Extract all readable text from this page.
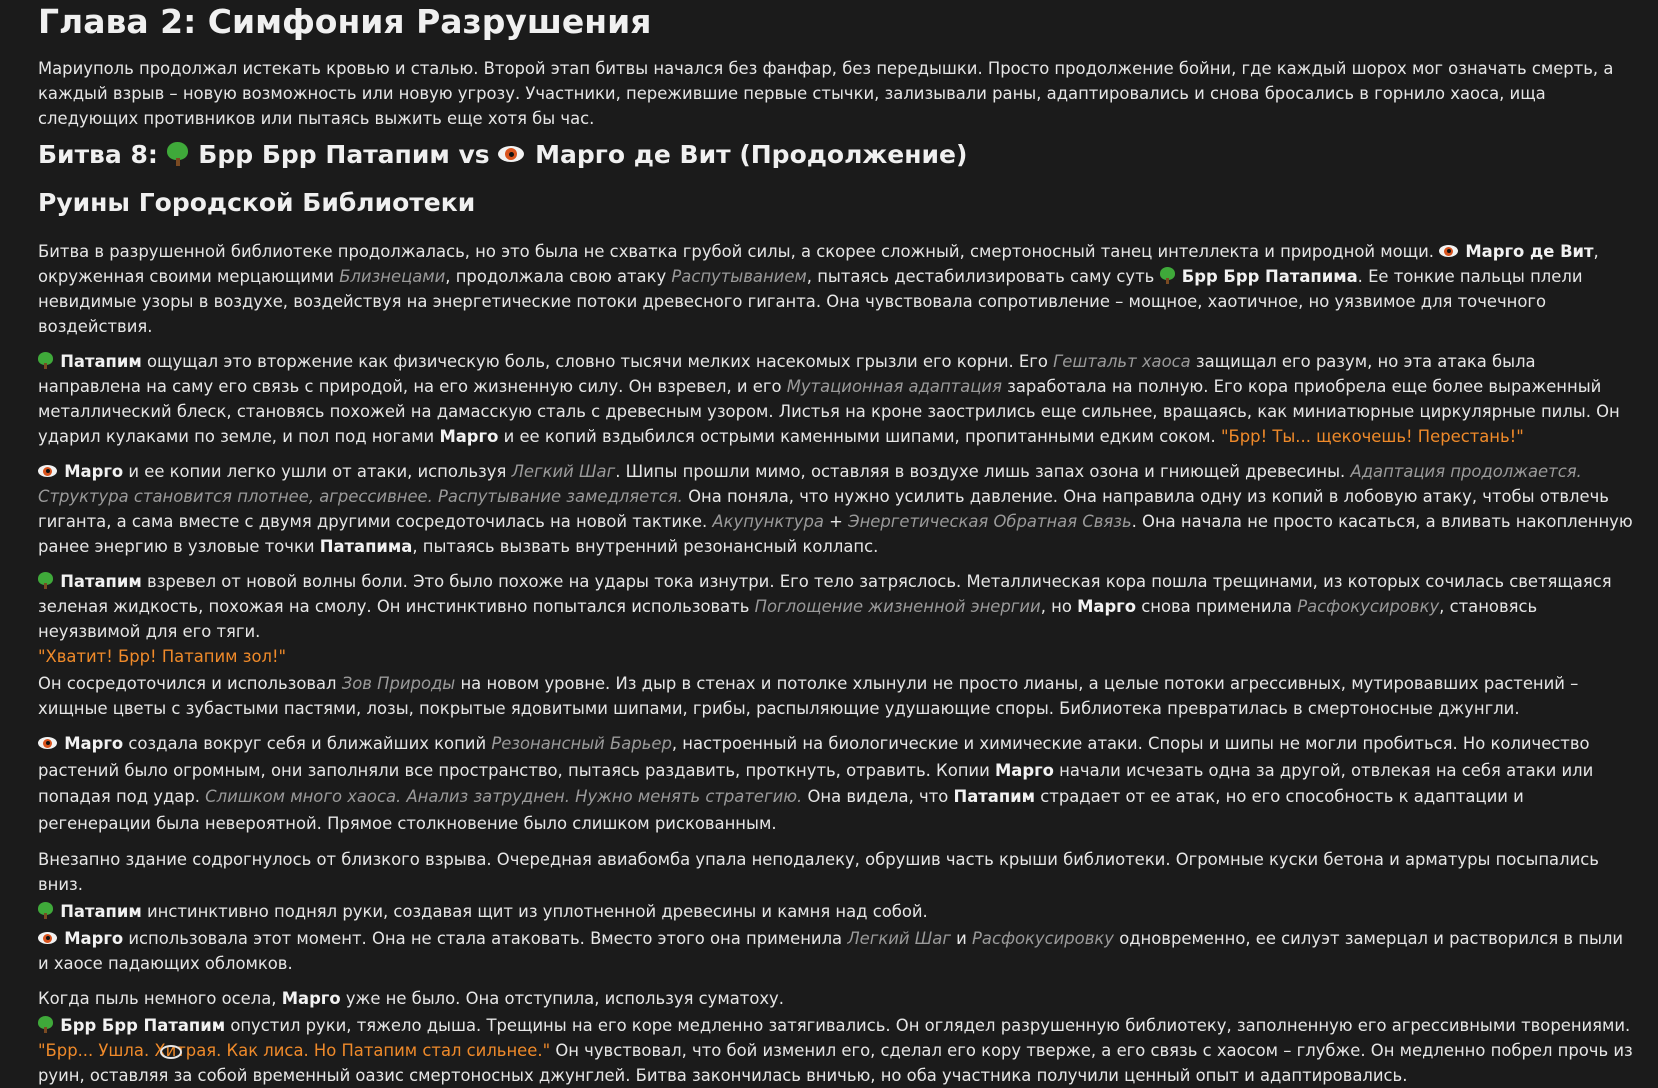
Глава 2: Симфония Разрушения

Мариуполь продолжал истекать кровью и сталью. Второй этап битвы начался без фанфар, без передышки. Просто продолжение бойни, где каждый шорох мог означать смерть, а каждый взрыв – новую возможность или новую угрозу. Участники, пережившие первые стычки, зализывали раны, адаптировались и снова бросались в горнило хаоса, ища следующих противников или пытаясь выжить еще хотя бы час.

Битва 8: Брр Брр Патапим vs Марго де Вит (Продолжение)
Руины Городской Библиотеки

Битва в разрушенной библиотеке продолжалась, но это была не схватка грубой силы, а скорее сложный, смертоносный танец интеллекта и природной мощи. Марго де Вит, окруженная своими мерцающими Близнецами, продолжала свою атаку Распутыванием, пытаясь дестабилизировать саму суть Брр Брр Патапима. Ее тонкие пальцы плели невидимые узоры в воздухе, воздействуя на энергетические потоки древесного гиганта. Она чувствовала сопротивление – мощное, хаотичное, но уязвимое для точечного воздействия.

Патапим ощущал это вторжение как физическую боль, словно тысячи мелких насекомых грызли его корни. Его Гештальт хаоса защищал его разум, но эта атака была направлена на саму его связь с природой, на его жизненную силу. Он взревел, и его Мутационная адаптация заработала на полную. Его кора приобрела еще более выраженный металлический блеск, становясь похожей на дамасскую сталь с древесным узором. Листья на кроне заострились еще сильнее, вращаясь, как миниатюрные циркулярные пилы. Он ударил кулаками по земле, и пол под ногами Марго и ее копий вздыбился острыми каменными шипами, пропитанными едким соком. "Брр! Ты... щекочешь! Перестань!"

Марго и ее копии легко ушли от атаки, используя Легкий Шаг. Шипы прошли мимо, оставляя в воздухе лишь запах озона и гниющей древесины. Адаптация продолжается. Структура становится плотнее, агрессивнее. Распутывание замедляется. Она поняла, что нужно усилить давление. Она направила одну из копий в лобовую атаку, чтобы отвлечь гиганта, а сама вместе с двумя другими сосредоточилась на новой тактике. Акупунктура + Энергетическая Обратная Связь. Она начала не просто касаться, а вливать накопленную ранее энергию в узловые точки Патапима, пытаясь вызвать внутренний резонансный коллапс.

Патапим взревел от новой волны боли. Это было похоже на удары тока изнутри. Его тело затряслось. Металлическая кора пошла трещинами, из которых сочилась светящаяся зеленая жидкость, похожая на смолу. Он инстинктивно попытался использовать Поглощение жизненной энергии, но Марго снова применила Расфокусировку, становясь неуязвимой для его тяги.
"Хватит! Брр! Патапим зол!"

Он сосредоточился и использовал Зов Природы на новом уровне. Из дыр в стенах и потолке хлынули не просто лианы, а целые потоки агрессивных, мутировавших растений – хищные цветы с зубастыми пастями, лозы, покрытые ядовитыми шипами, грибы, распыляющие удушающие споры. Библиотека превратилась в смертоносные джунгли.

Марго создала вокруг себя и ближайших копий Резонансный Барьер, настроенный на биологические и химические атаки. Споры и шипы не могли пробиться. Но количество растений было огромным, они заполняли все пространство, пытаясь раздавить, проткнуть, отравить. Копии Марго начали исчезать одна за другой, отвлекая на себя атаки или попадая под удар. Слишком много хаоса. Анализ затруднен. Нужно менять стратегию. Она видела, что Патапим страдает от ее атак, но его способность к адаптации и регенерации была невероятной. Прямое столкновение было слишком рискованным.

Внезапно здание содрогнулось от близкого взрыва. Очередная авиабомба упала неподалеку, обрушив часть крыши библиотеки. Огромные куски бетона и арматуры посыпались вниз.

Патапим инстинктивно поднял руки, создавая щит из уплотненной древесины и камня над собой.

Марго использовала этот момент. Она не стала атаковать. Вместо этого она применила Легкий Шаг и Расфокусировку одновременно, ее силуэт замерцал и растворился в пыли и хаосе падающих обломков.

Когда пыль немного осела, Марго уже не было. Она отступила, используя суматоху.

Брр Брр Патапим опустил руки, тяжело дыша. Трещины на его коре медленно затягивались. Он оглядел разрушенную библиотеку, заполненную его агрессивными творениями. "Брр... Ушла. Хитрая. Как лиса. Но Патапим стал сильнее." Он чувствовал, что бой изменил его, сделал его кору тверже, а его связь с хаосом – глубже. Он медленно побрел прочь из руин, оставляя за собой временный оазис смертоносных джунглей. Битва закончилась вничью, но оба участника получили ценный опыт и адаптировались.
